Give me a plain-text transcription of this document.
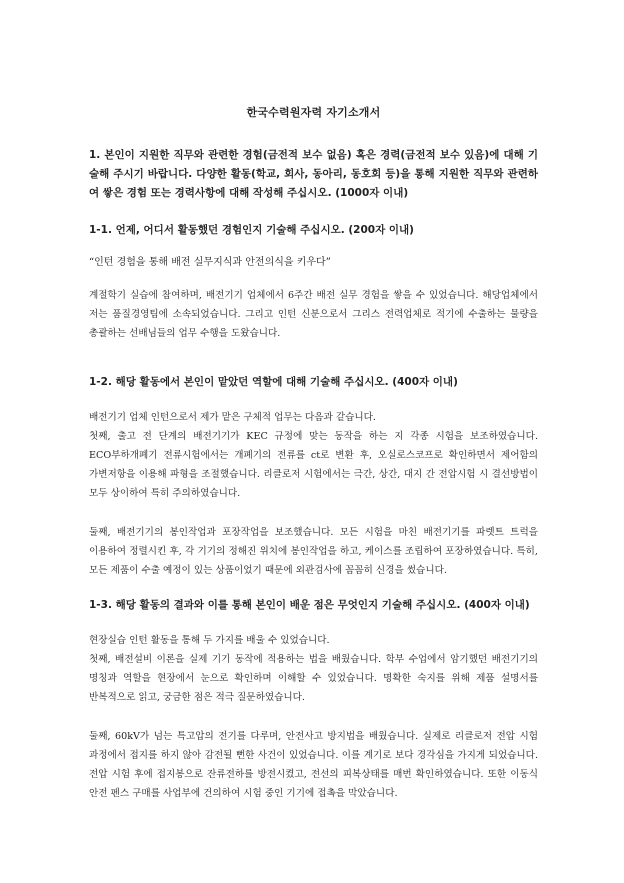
한국수력원자력 자기소개서

1. 본인이 지원한 직무와 관련한 경험(금전적 보수 없음) 혹은 경력(금전적 보수 있음)에 대해 기술해 주시기 바랍니다. 다양한 활동(학교, 회사, 동아리, 동호회 등)을 통해 지원한 직무와 관련하여 쌓은 경험 또는 경력사항에 대해 작성해 주십시오. (1000자 이내)

1-1. 언제, 어디서 활동했던 경험인지 기술해 주십시오. (200자 이내)

“인턴 경험을 통해 배전 실무지식과 안전의식을 키우다”

계절학기 실습에 참여하며, 배전기기 업체에서 6주간 배전 실무 경험을 쌓을 수 있었습니다. 해당업체에서 저는 품질경영팀에 소속되었습니다. 그리고 인턴 신분으로서 그리스 전력업체로 적기에 수출하는 물량을 총괄하는 선배님들의 업무 수행을 도왔습니다.

1-2. 해당 활동에서 본인이 맡았던 역할에 대해 기술해 주십시오. (400자 이내)

배전기기 업체 인턴으로서 제가 맡은 구체적 업무는 다음과 같습니다.

첫째, 출고 전 단계의 배전기기가 KEC 규정에 맞는 동작을 하는 지 각종 시험을 보조하였습니다. ECO부하개폐기 전류시험에서는 개폐기의 전류를 ct로 변환 후, 오실로스코프로 확인하면서 제어함의 가변저항을 이용해 파형을 조절했습니다. 리클로저 시험에서는 극간, 상간, 대지 간 전압시험 시 결선방법이 모두 상이하여 특히 주의하였습니다.

둘째, 배전기기의 봉인작업과 포장작업을 보조했습니다. 모든 시험을 마친 배전기기를 파렛트 트럭을 이용하여 정렬시킨 후, 각 기기의 정해진 위치에 봉인작업을 하고, 케이스를 조립하여 포장하였습니다. 특히, 모든 제품이 수출 예정이 있는 상품이었기 때문에 외관검사에 꼼꼼히 신경을 썼습니다.

1-3. 해당 활동의 결과와 이를 통해 본인이 배운 점은 무엇인지 기술해 주십시오. (400자 이내)

현장실습 인턴 활동을 통해 두 가지를 배울 수 있었습니다.

첫째, 배전설비 이론을 실제 기기 동작에 적용하는 법을 배웠습니다. 학부 수업에서 암기했던 배전기기의 명칭과 역할을 현장에서 눈으로 확인하며 이해할 수 있었습니다. 명확한 숙지를 위해 제품 설명서를 반복적으로 읽고, 궁금한 점은 적극 질문하였습니다.

둘째, 60kV가 넘는 특고압의 전기를 다루며, 안전사고 방지법을 배웠습니다. 실제로 리클로저 전압 시험 과정에서 접지를 하지 않아 감전될 뻔한 사건이 있었습니다. 이를 계기로 보다 경각심을 가지게 되었습니다. 전압 시험 후에 접지봉으로 잔류전하를 방전시켰고, 전선의 피복상태를 매번 확인하였습니다. 또한 이동식 안전 펜스 구매를 사업부에 건의하여 시험 중인 기기에 접촉을 막았습니다.
